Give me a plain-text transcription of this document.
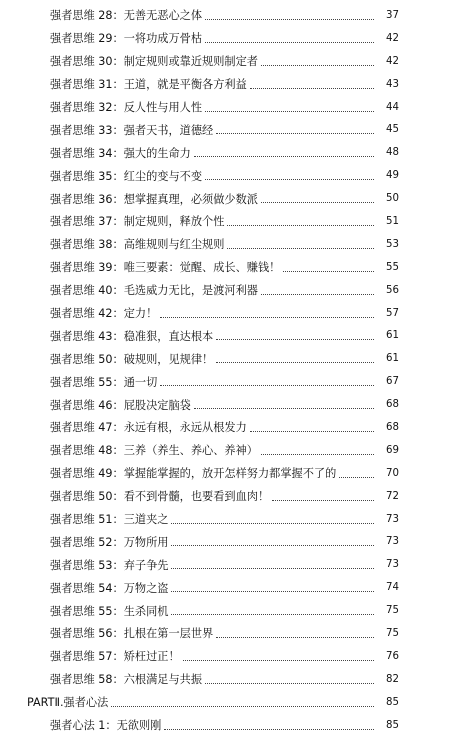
强者思维 28：无善无恶心之体	37
强者思维 29：一将功成万骨枯	42
强者思维 30：制定规则或靠近规则制定者	42
强者思维 31：王道，就是平衡各方利益	43
强者思维 32：反人性与用人性	44
强者思维 33：强者天书，道德经	45
强者思维 34：强大的生命力	48
强者思维 35：红尘的变与不变	49
强者思维 36：想掌握真理，必须做少数派	50
强者思维 37：制定规则，释放个性	51
强者思维 38：高维规则与红尘规则	53
强者思维 39：唯三要素：觉醒、成长、赚钱！	55
强者思维 40：毛选威力无比，是渡河利器	56
强者思维 42：定力！	57
强者思维 43：稳准狠，直达根本	61
强者思维 50：破规则，见规律！	61
强者思维 55：通一切	67
强者思维 46：屁股决定脑袋	68
强者思维 47：永远有根，永远从根发力	68
强者思维 48：三养（养生、养心、养神）	69
强者思维 49：掌握能掌握的，放开怎样努力都掌握不了的	70
强者思维 50：看不到骨髓，也要看到血肉！	72
强者思维 51：三道夹之	73
强者思维 52：万物所用	73
强者思维 53：弃子争先	73
强者思维 54：万物之盗	74
强者思维 55：生杀同机	75
强者思维 56：扎根在第一层世界	75
强者思维 57：矫枉过正！	76
强者思维 58：六根满足与共振	82
PARTⅡ.强者心法	85
强者心法 1：无欲则刚	85
